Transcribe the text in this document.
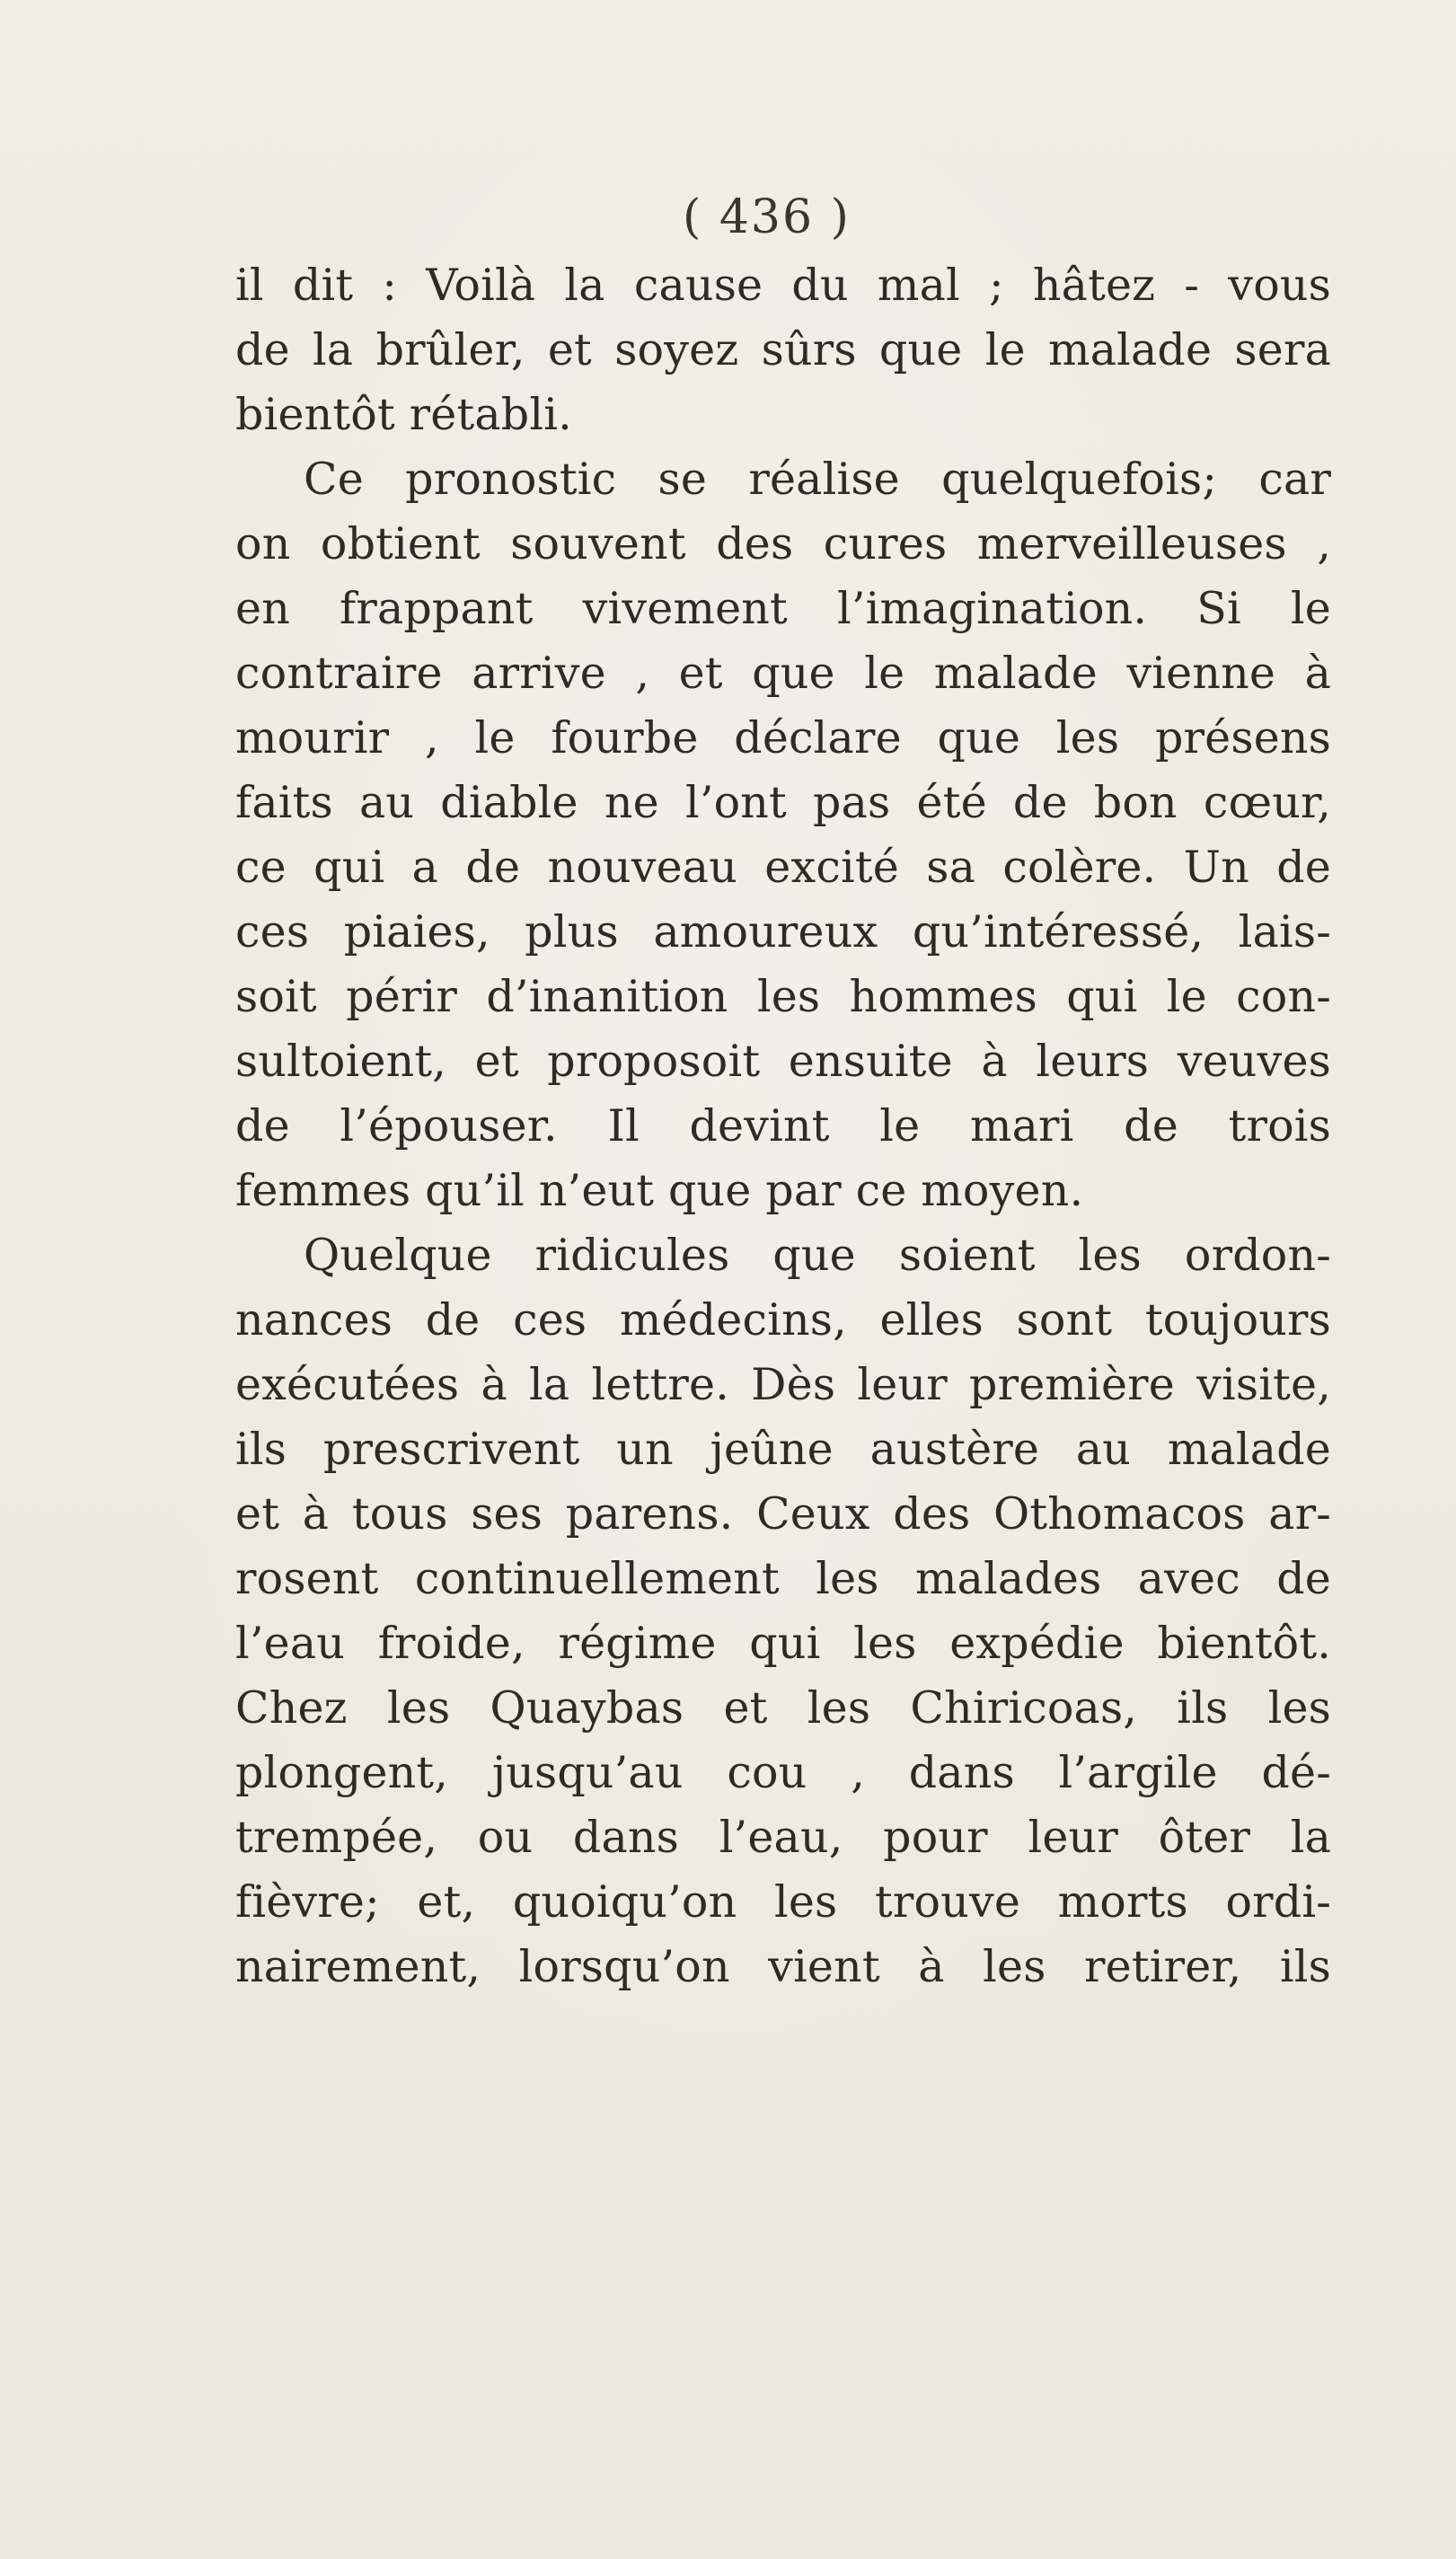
( 436 )
il dit : Voilà la cause du mal ; hâtez - vous
de la brûler, et soyez sûrs que le malade sera
bientôt rétabli.
Ce pronostic se réalise quelquefois; car
on obtient souvent des cures merveilleuses ,
en frappant vivement l’imagination. Si le
contraire arrive , et que le malade vienne à
mourir , le fourbe déclare que les présens
faits au diable ne l’ont pas été de bon cœur,
ce qui a de nouveau excité sa colère. Un de
ces piaies, plus amoureux qu’intéressé, lais-
soit périr d’inanition les hommes qui le con-
sultoient, et proposoit ensuite à leurs veuves
de l’épouser. Il devint le mari de trois
femmes qu’il n’eut que par ce moyen.
Quelque ridicules que soient les ordon-
nances de ces médecins, elles sont toujours
exécutées à la lettre. Dès leur première visite,
ils prescrivent un jeûne austère au malade
et à tous ses parens. Ceux des Othomacos ar-
rosent continuellement les malades avec de
l’eau froide, régime qui les expédie bientôt.
Chez les Quaybas et les Chiricoas, ils les
plongent, jusqu’au cou , dans l’argile dé-
trempée, ou dans l’eau, pour leur ôter la
fièvre; et, quoiqu’on les trouve morts ordi-
nairement, lorsqu’on vient à les retirer, ils
